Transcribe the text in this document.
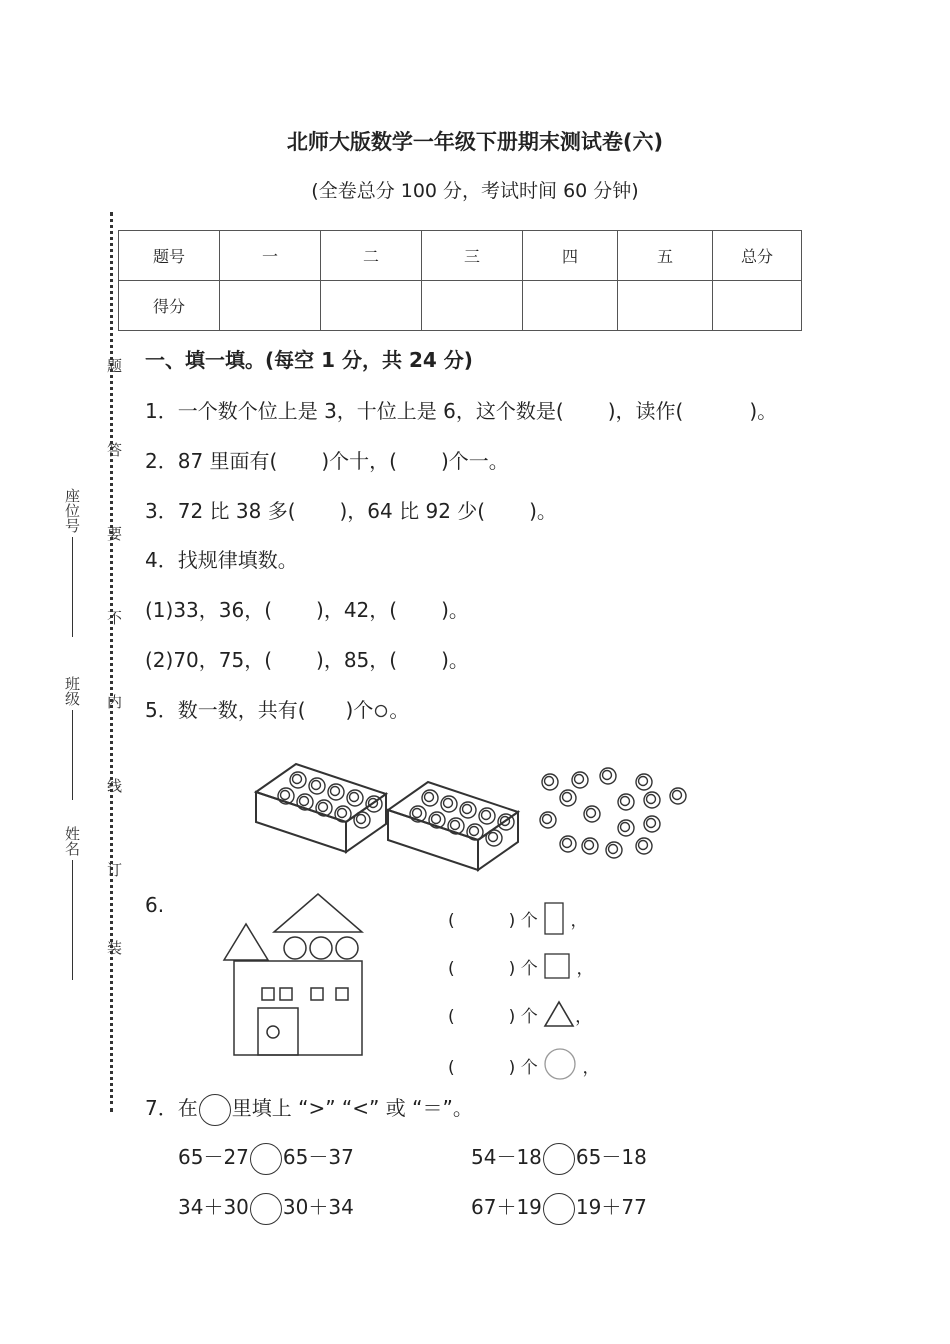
北师大版数学一年级下册期末测试卷(六)
(全卷总分 100 分，考试时间 60 分钟)
题号	一	二	三	四	五	总分
得分						
装
订
线
内
不
要
答
题
姓名
班级
座位号
一、填一填。(每空 1 分，共 24 分)
1．一个数个位上是 3，十位上是 6，这个数是( )，读作(	)。
2．87 里面有( )个十，( )个一。
3．72 比 38 多( )，64 比 92 少( )。
4．找规律填数。
(1)33，36，( )，42，( )。
(2)70，75，( )，85，( )。
5．数一数，共有( )个 。
6.
(          ) 个 ，
(          ) 个 ，
(          ) 个 ，
(          ) 个	，
7．在 里填上 “>” “<” 或 “＝”。
65－27 65－37	54－18 65－18
34＋30 30＋34	67＋19 19＋77
